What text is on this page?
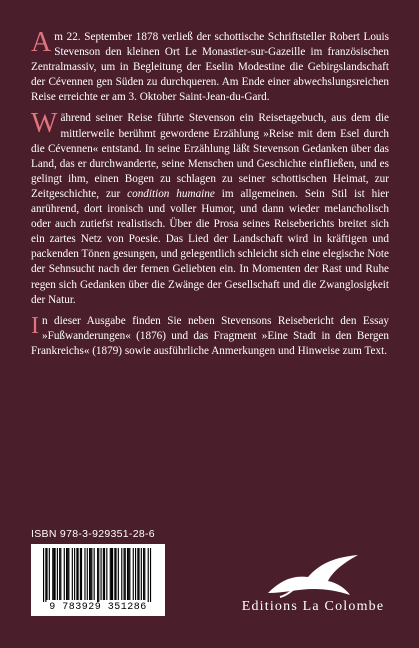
Am 22. September 1878 verließ der schottische Schriftsteller Robert Louis Stevenson den kleinen Ort Le Monastier-sur-Gazeille im französischen Zentralmassiv, um in Begleitung der Eselin Modestine die Gebirgslandschaft der Cévennen gen Süden zu durchqueren. Am Ende einer abwechslungsreichen Reise erreichte er am 3. Oktober Saint-Jean-du-Gard.

Während seiner Reise führte Stevenson ein Reisetagebuch, aus dem die mittlerweile berühmt gewordene Erzählung »Reise mit dem Esel durch die Cévennen« entstand. In seine Erzählung läßt Stevenson Gedanken über das Land, das er durchwanderte, seine Menschen und Geschichte einfließen, und es gelingt ihm, einen Bogen zu schlagen zu seiner schottischen Heimat, zur Zeitgeschichte, zur condition humaine im allgemeinen. Sein Stil ist hier anrührend, dort ironisch und voller Humor, und dann wieder melancholisch oder auch zutiefst realistisch. Über die Prosa seines Reiseberichts breitet sich ein zartes Netz von Poesie. Das Lied der Landschaft wird in kräftigen und packenden Tönen gesungen, und gelegentlich schleicht sich eine elegische Note der Sehnsucht nach der fernen Geliebten ein. In Momenten der Rast und Ruhe regen sich Gedanken über die Zwänge der Gesellschaft und die Zwanglosigkeit der Natur.

In dieser Ausgabe finden Sie neben Stevensons Reisebericht den Essay »Fußwanderungen« (1876) und das Fragment »Eine Stadt in den Bergen Frankreichs« (1879) sowie ausführliche Anmerkungen und Hinweise zum Text.

ISBN 978-3-929351-28-6
9 783929 351286	Editions La Colombe
